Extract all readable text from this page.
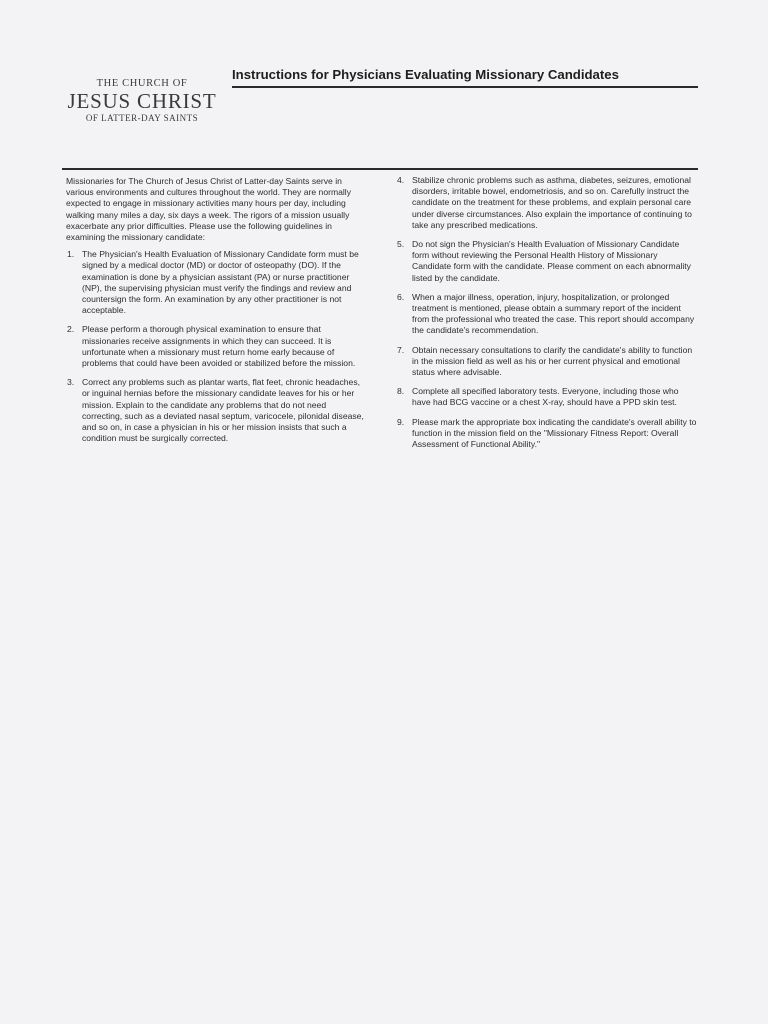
THE CHURCH OF
JESUS CHRIST
OF LATTER-DAY SAINTS
Instructions for Physicians Evaluating Missionary Candidates

Missionaries for The Church of Jesus Christ of Latter-day Saints serve in various environments and cultures throughout the world. They are normally expected to engage in missionary activities many hours per day, including walking many miles a day, six days a week. The rigors of a mission usually exacerbate any prior difficulties. Please use the following guidelines in examining the missionary candidate:

1. The Physician's Health Evaluation of Missionary Candidate form must be signed by a medical doctor (MD) or doctor of osteopathy (DO). If the examination is done by a physician assistant (PA) or nurse practitioner (NP), the supervising physician must verify the findings and review and countersign the form. An examination by any other practitioner is not acceptable.
2. Please perform a thorough physical examination to ensure that missionaries receive assignments in which they can succeed. It is unfortunate when a missionary must return home early because of problems that could have been avoided or stabilized before the mission.
3. Correct any problems such as plantar warts, flat feet, chronic headaches, or inguinal hernias before the missionary candidate leaves for his or her mission. Explain to the candidate any problems that do not need correcting, such as a deviated nasal septum, varicocele, pilonidal disease, and so on, in case a physician in his or her mission insists that such a condition must be surgically corrected.
4. Stabilize chronic problems such as asthma, diabetes, seizures, emotional disorders, irritable bowel, endometriosis, and so on. Carefully instruct the candidate on the treatment for these problems, and explain personal care under diverse circumstances. Also explain the importance of continuing to take any prescribed medications.
5. Do not sign the Physician's Health Evaluation of Missionary Candidate form without reviewing the Personal Health History of Missionary Candidate form with the candidate. Please comment on each abnormality listed by the candidate.
6. When a major illness, operation, injury, hospitalization, or prolonged treatment is mentioned, please obtain a summary report of the incident from the professional who treated the case. This report should accompany the candidate's recommendation.
7. Obtain necessary consultations to clarify the candidate's ability to function in the mission field as well as his or her current physical and emotional status where advisable.
8. Complete all specified laboratory tests. Everyone, including those who have had BCG vaccine or a chest X-ray, should have a PPD skin test.
9. Please mark the appropriate box indicating the candidate's overall ability to function in the mission field on the "Missionary Fitness Report: Overall Assessment of Functional Ability."
